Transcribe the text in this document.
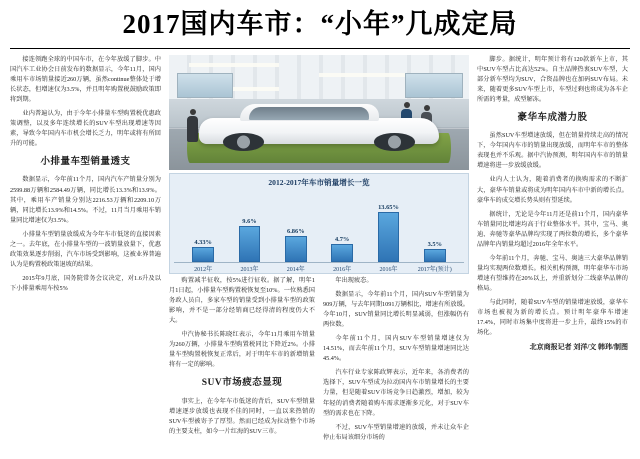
2017国内车市：“小年”几成定局

接连领跑全球的中国车市，在今年放缓了脚步。中国汽车工业协会日前发布的数据显示，今年11月，国内乘用车市场销量接近260万辆，虽然continue整体处于增长状态，但增速仅为3.5%，并且明年购置税鼓励政策即将到期。

业内普遍认为，由于今年小排量车型购置税优惠政策调整，以及多年连续增长的SUV车型出现增速等因素，导致今年国内车市机会增长乏力，明年或将有所回升的可能。

小排量车型销量透支

数据显示，今年前11个月，国内汽车产销量分别为2599.88万辆和2584.49万辆，同比增长13.3%和13.9%。其中，乘用车产销量分别达2216.53万辆和2209.10万辆，同比增长13.9%和14.5%。不过，11月当月乘用车销量同比增速仅为3.5%。

小排量车型销量放缓成为今年车市低迷的直接因素之一。去年底，在小排量车型的一波销量放量下，优惠政策效果逐步削弱，汽车市场受到影响，这被业界普遍认为是购置税政策退坡的结果。

2015年9月底，国务院常务会议决定，对1.6升及以下小排量乘用车按5%

2012-2017年车市销量增长一览
4.33%
9.6%
6.86%
4.7%
13.65%
3.5%
2012年	2013年	2014年	2016年	2016年	2017年(预计)

购置减半征收，按5%进行征收。据了解，明年1月1日起，小排量车型购置税恢复至10%。一位熟悉国务政人员自，多家车型的销量受到小排量车型的政策影响，并不是一部分经销商已经得清的程度仍大不大。

中汽协秘书长陈晓红表示，今年11月乘用车销量为260万辆，小排量车型购置税同比下降近2%。小排量车型购置税恢复正常后，对于明年车市的新增销量将有一定的影响。

SUV市场疲态显现

事实上，在今年车市低迷的背后，SUV车型销量增速逐步放缓也表现不佳的同时，一直以来热销的SUV车型被寄予了厚望。然而已经成为拉动整个市场的主要支柱，如今一片红海的SUV三市。

年出现疲态。

数据显示，今年前11个月，国内SUV车型销量为909万辆，与去年同期1091万辆相比，增速有所放缓。今年10月，SUV销量同比增长明显减弱，但涨幅仍有两位数。

今年前11个月，国内SUV车型销量增速仅为14.51%，而去年前11个月，SUV车型销量增速同比达45.4%。

汽车行业专家陈政辉表示，近年来，各消费者的选择下，SUV车型成为拉动国内车市销量增长的主要力量，但是随着SUV市场竞争日趋激烈，增加，较为年轻的消费者随着购车需求逐渐多元化，对于SUV车型的需求也在下降。

不过，SUV车型销量增速的放缓，并未让众车企停止布局该细分市场的

脚步。据统计，明年预计将有120款新车上市，其中SUV车型占比高达52%。自主品牌热衷SUV车型，大部分新车型均为SUV，合资品牌也在加码SUV布局。未来，随着更多SUV车型上市，车型过剩也将成为各车企所需的考量，成型解冻。

豪华车成潜力股

虽然SUV车型增速放缓，但在销量持续走高的情况下，今年国内车市的销量出现放缓，而明年车市的整体表现也并不乐观。据中汽协预测，明年国内车市的销量增速将进一步放缓放缓。

业内人士认为，随着消费者的换购需求的不断扩大，豪华车销量或将成为明年国内车市中新的增长点。豪华车的成交增长势头则有望延续。

据统计，无论是今年11月还是前11个月，国内豪华车销量同比增速均高于行业整体水平。其中，宝马、奥迪、奔驰等豪华品牌均实现了两位数的增长，多个豪华品牌年内销量均超过2016年全年水平。

今年前11个月，奔驰、宝马、奥迪三大豪华品牌销量均实现两位数增长。相关机构预测，明年豪华车市场增速有望维持在20%以上，并重新划分二线豪华品牌的格局。

与此同时，随着SUV车型的销量增速放缓，豪华车市场也被视为新的增长点。预计明年豪华车增速17.4%，同时市场集中度将进一步上升，最终15%的市场化。

北京商报记者 刘洋/文 韩玮/制图
